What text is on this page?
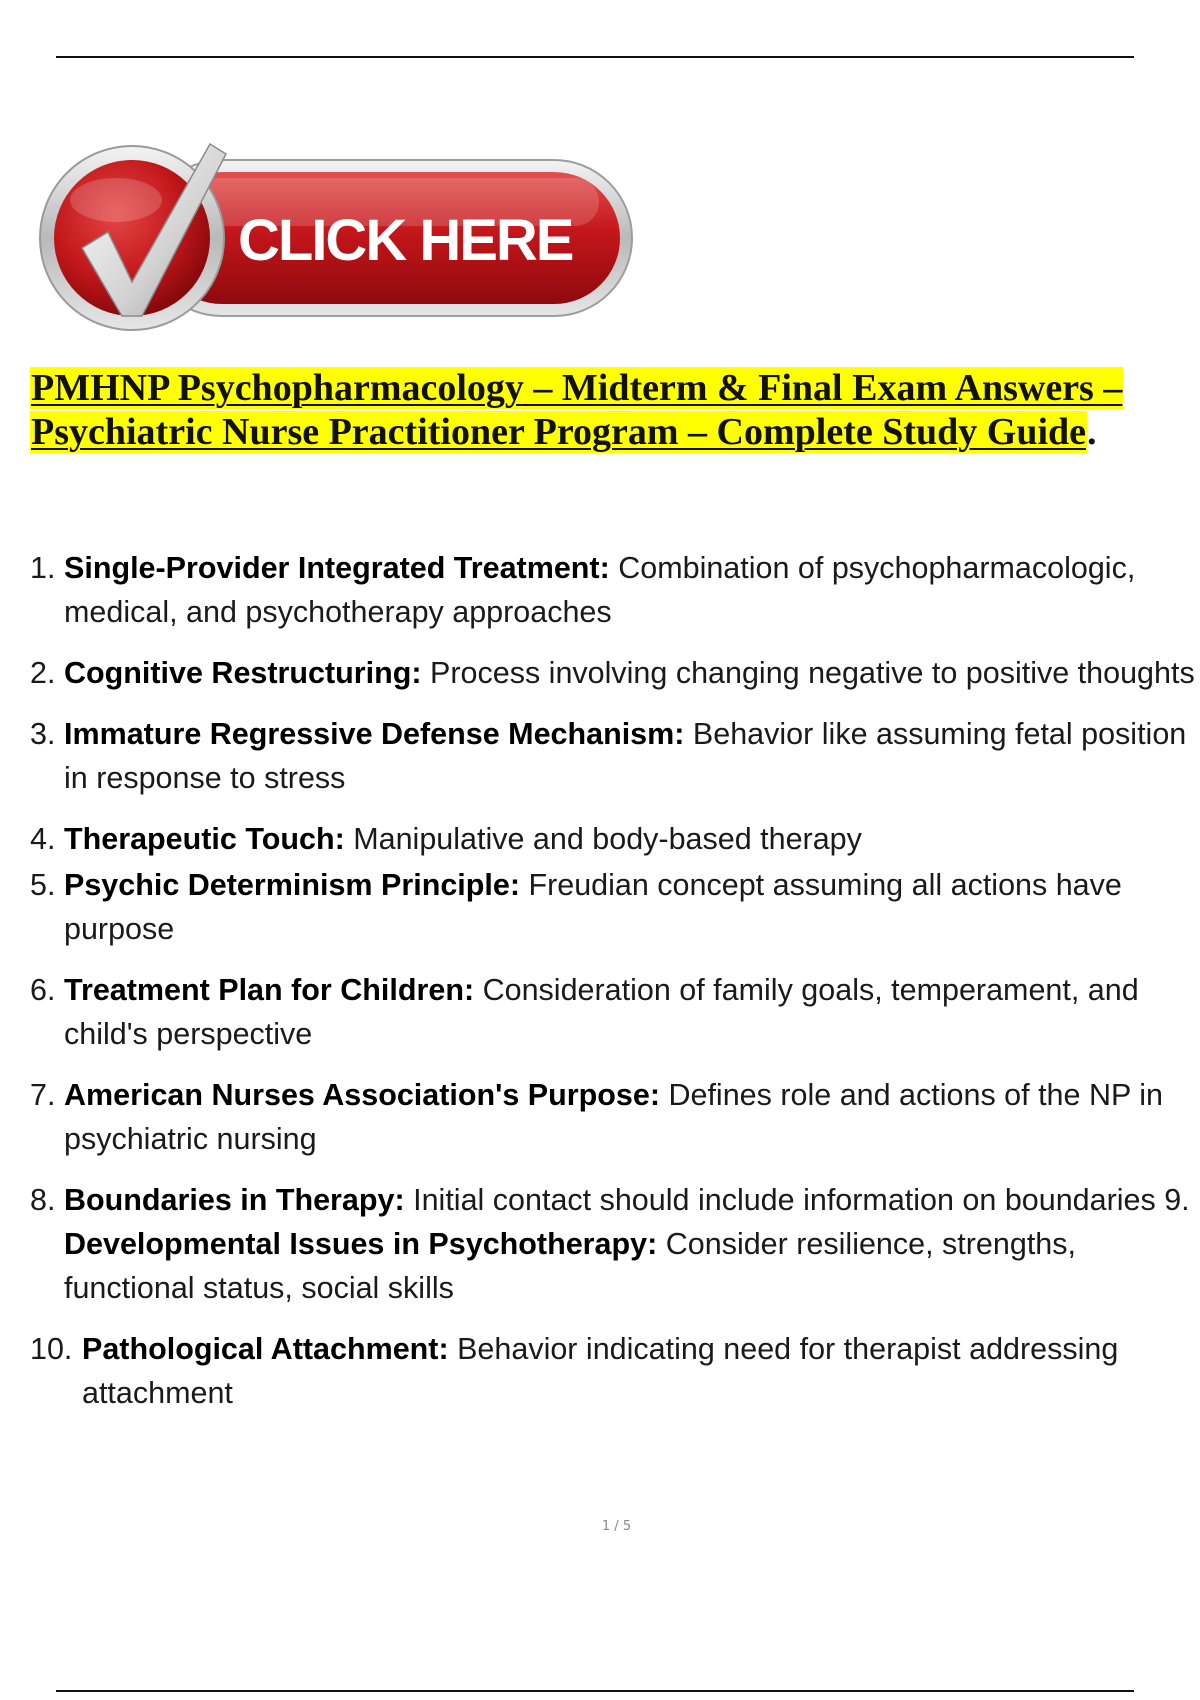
CLICK HERE
PMHNP Psychopharmacology – Midterm & Final Exam Answers –
Psychiatric Nurse Practitioner Program – Complete Study Guide.

1. Single-Provider Integrated Treatment: Combination of psychopharmacologic, medical, and psychotherapy approaches

2. Cognitive Restructuring: Process involving changing negative to positive thoughts

3. Immature Regressive Defense Mechanism: Behavior like assuming fetal position in response to stress

4. Therapeutic Touch: Manipulative and body-based therapy

5. Psychic Determinism Principle: Freudian concept assuming all actions have purpose

6. Treatment Plan for Children: Consideration of family goals, temperament, and child's perspective

7. American Nurses Association's Purpose: Defines role and actions of the NP in psychiatric nursing

8. Boundaries in Therapy: Initial contact should include information on boundaries 9. Developmental Issues in Psychotherapy: Consider resilience, strengths, functional status, social skills

10. Pathological Attachment: Behavior indicating need for therapist addressing attachment

1 / 5
